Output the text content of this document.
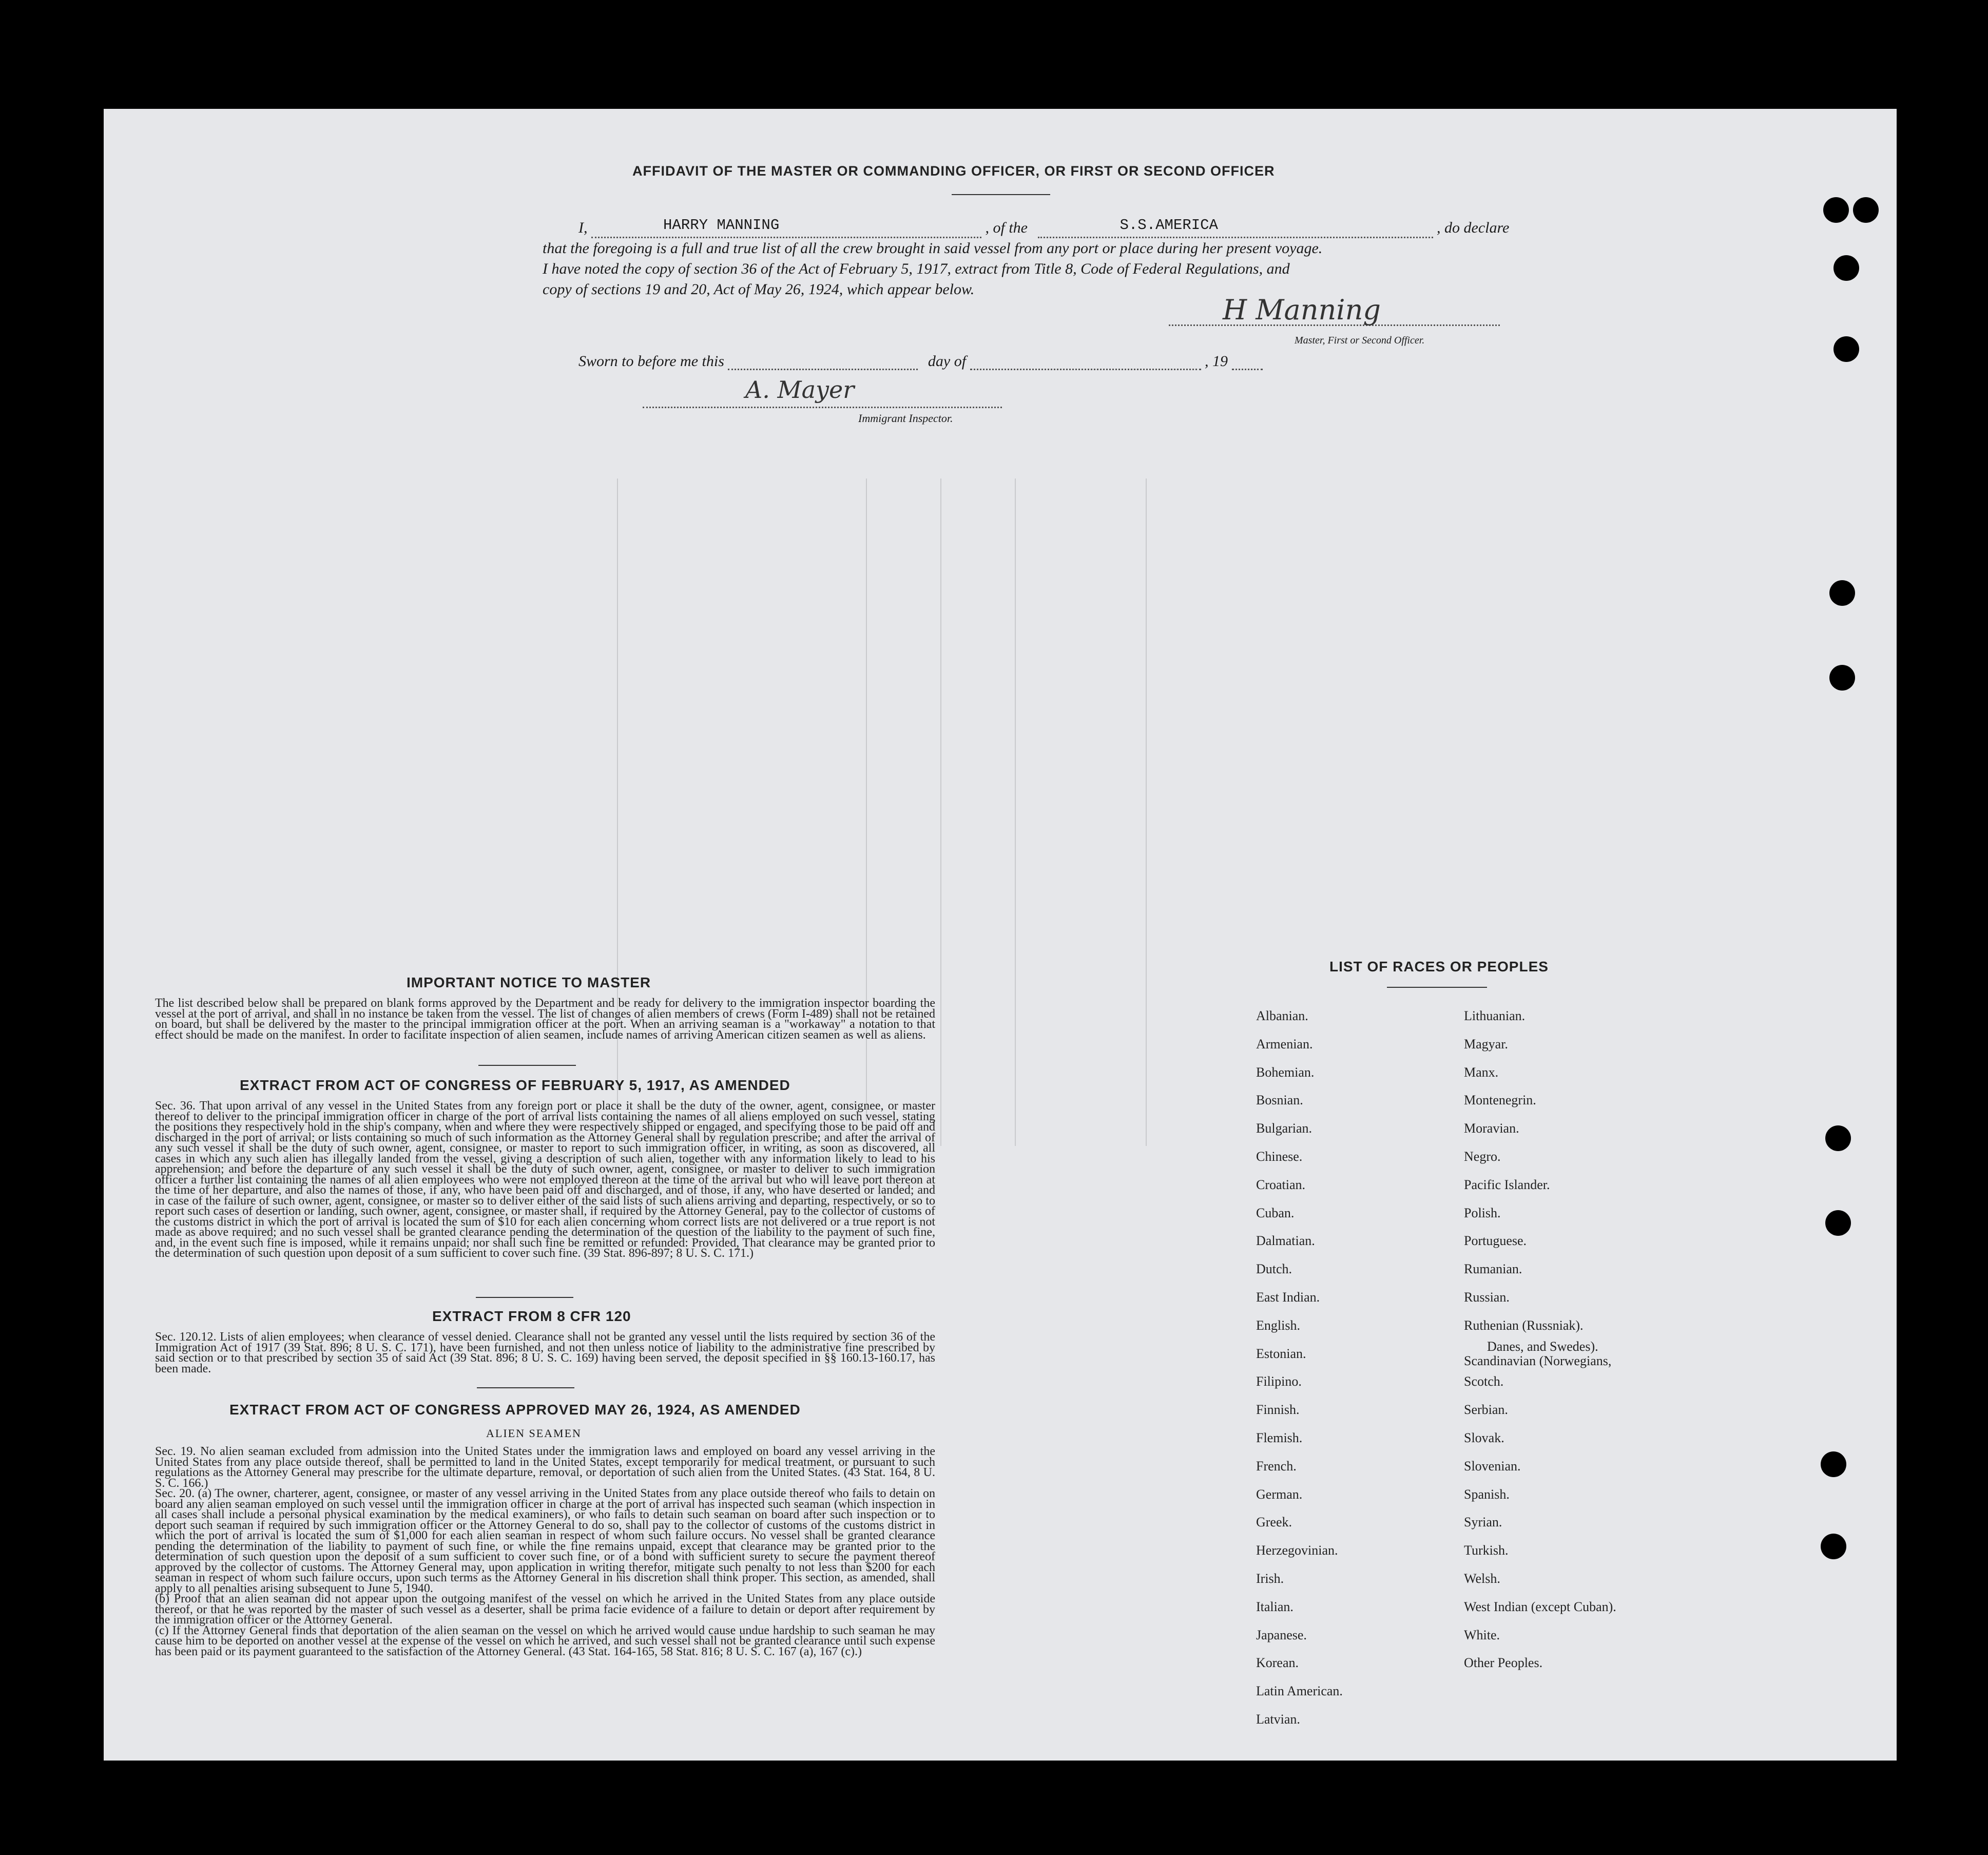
AFFIDAVIT OF THE MASTER OR COMMANDING OFFICER, OR FIRST OR SECOND OFFICER
I,	HARRY MANNING	, of the	S.S.AMERICA	, do declare
that the foregoing is a full and true list of all the crew brought in said vessel from any port or place during her present voyage.
I have noted the copy of section 36 of the Act of February 5, 1917, extract from Title 8, Code of Federal Regulations, and
copy of sections 19 and 20, Act of May 26, 1924, which appear below.
H Manning
Master, First or Second Officer.
Sworn to before me this	day of	, 19
A. Mayer
Immigrant Inspector.
IMPORTANT NOTICE TO MASTER
The list described below shall be prepared on blank forms approved by the Department and be ready for delivery to the immigration inspector boarding the vessel at the port of arrival, and shall in no instance be taken from the vessel. The list of changes of alien members of crews (Form I-489) shall not be retained on board, but shall be delivered by the master to the principal immigration officer at the port. When an arriving seaman is a "workaway" a notation to that effect should be made on the manifest. In order to facilitate inspection of alien seamen, include names of arriving American citizen seamen as well as aliens.
EXTRACT FROM ACT OF CONGRESS OF FEBRUARY 5, 1917, AS AMENDED
Sec. 36. That upon arrival of any vessel in the United States from any foreign port or place it shall be the duty of the owner, agent, consignee, or master thereof to deliver to the principal immigration officer in charge of the port of arrival lists containing the names of all aliens employed on such vessel, stating the positions they respectively hold in the ship's company, when and where they were respectively shipped or engaged, and specifying those to be paid off and discharged in the port of arrival; or lists containing so much of such information as the Attorney General shall by regulation prescribe; and after the arrival of any such vessel it shall be the duty of such owner, agent, consignee, or master to report to such immigration officer, in writing, as soon as discovered, all cases in which any such alien has illegally landed from the vessel, giving a description of such alien, together with any information likely to lead to his apprehension; and before the departure of any such vessel it shall be the duty of such owner, agent, consignee, or master to deliver to such immigration officer a further list containing the names of all alien employees who were not employed thereon at the time of the arrival but who will leave port thereon at the time of her departure, and also the names of those, if any, who have been paid off and discharged, and of those, if any, who have deserted or landed; and in case of the failure of such owner, agent, consignee, or master so to deliver either of the said lists of such aliens arriving and departing, respectively, or so to report such cases of desertion or landing, such owner, agent, consignee, or master shall, if required by the Attorney General, pay to the collector of customs of the customs district in which the port of arrival is located the sum of $10 for each alien concerning whom correct lists are not delivered or a true report is not made as above required; and no such vessel shall be granted clearance pending the determination of the question of the liability to the payment of such fine, and, in the event such fine is imposed, while it remains unpaid; nor shall such fine be remitted or refunded: Provided, That clearance may be granted prior to the determination of such question upon deposit of a sum sufficient to cover such fine. (39 Stat. 896-897; 8 U. S. C. 171.)
EXTRACT FROM 8 CFR 120
Sec. 120.12. Lists of alien employees; when clearance of vessel denied. Clearance shall not be granted any vessel until the lists required by section 36 of the Immigration Act of 1917 (39 Stat. 896; 8 U. S. C. 171), have been furnished, and not then unless notice of liability to the administrative fine prescribed by said section or to that prescribed by section 35 of said Act (39 Stat. 896; 8 U. S. C. 169) having been served, the deposit specified in §§ 160.13-160.17, has been made.
EXTRACT FROM ACT OF CONGRESS APPROVED MAY 26, 1924, AS AMENDED
ALIEN SEAMEN
Sec. 19. No alien seaman excluded from admission into the United States under the immigration laws and employed on board any vessel arriving in the United States from any place outside thereof, shall be permitted to land in the United States, except temporarily for medical treatment, or pursuant to such regulations as the Attorney General may prescribe for the ultimate departure, removal, or deportation of such alien from the United States. (43 Stat. 164, 8 U. S. C. 166.)
Sec. 20. (a) The owner, charterer, agent, consignee, or master of any vessel arriving in the United States from any place outside thereof who fails to detain on board any alien seaman employed on such vessel until the immigration officer in charge at the port of arrival has inspected such seaman (which inspection in all cases shall include a personal physical examination by the medical examiners), or who fails to detain such seaman on board after such inspection or to deport such seaman if required by such immigration officer or the Attorney General to do so, shall pay to the collector of customs of the customs district in which the port of arrival is located the sum of $1,000 for each alien seaman in respect of whom such failure occurs. No vessel shall be granted clearance pending the determination of the liability to payment of such fine, or while the fine remains unpaid, except that clearance may be granted prior to the determination of such question upon the deposit of a sum sufficient to cover such fine, or of a bond with sufficient surety to secure the payment thereof approved by the collector of customs. The Attorney General may, upon application in writing therefor, mitigate such penalty to not less than $200 for each seaman in respect of whom such failure occurs, upon such terms as the Attorney General in his discretion shall think proper. This section, as amended, shall apply to all penalties arising subsequent to June 5, 1940.
(b) Proof that an alien seaman did not appear upon the outgoing manifest of the vessel on which he arrived in the United States from any place outside thereof, or that he was reported by the master of such vessel as a deserter, shall be prima facie evidence of a failure to detain or deport after requirement by the immigration officer or the Attorney General.
(c) If the Attorney General finds that deportation of the alien seaman on the vessel on which he arrived would cause undue hardship to such seaman he may cause him to be deported on another vessel at the expense of the vessel on which he arrived, and such vessel shall not be granted clearance until such expense has been paid or its payment guaranteed to the satisfaction of the Attorney General. (43 Stat. 164-165, 58 Stat. 816; 8 U. S. C. 167 (a), 167 (c).)
LIST OF RACES OR PEOPLES
Albanian.
Armenian.
Bohemian.
Bosnian.
Bulgarian.
Chinese.
Croatian.
Cuban.
Dalmatian.
Dutch.
East Indian.
English.
Estonian.
Filipino.
Finnish.
Flemish.
French.
German.
Greek.
Herzegovinian.
Irish.
Italian.
Japanese.
Korean.
Latin American.
Latvian.
Lithuanian.
Magyar.
Manx.
Montenegrin.
Moravian.
Negro.
Pacific Islander.
Polish.
Portuguese.
Rumanian.
Russian.
Ruthenian (Russniak).
Scandinavian (Norwegians,
Danes, and Swedes).
Scotch.
Serbian.
Slovak.
Slovenian.
Spanish.
Syrian.
Turkish.
Welsh.
West Indian (except Cuban).
White.
Other Peoples.
